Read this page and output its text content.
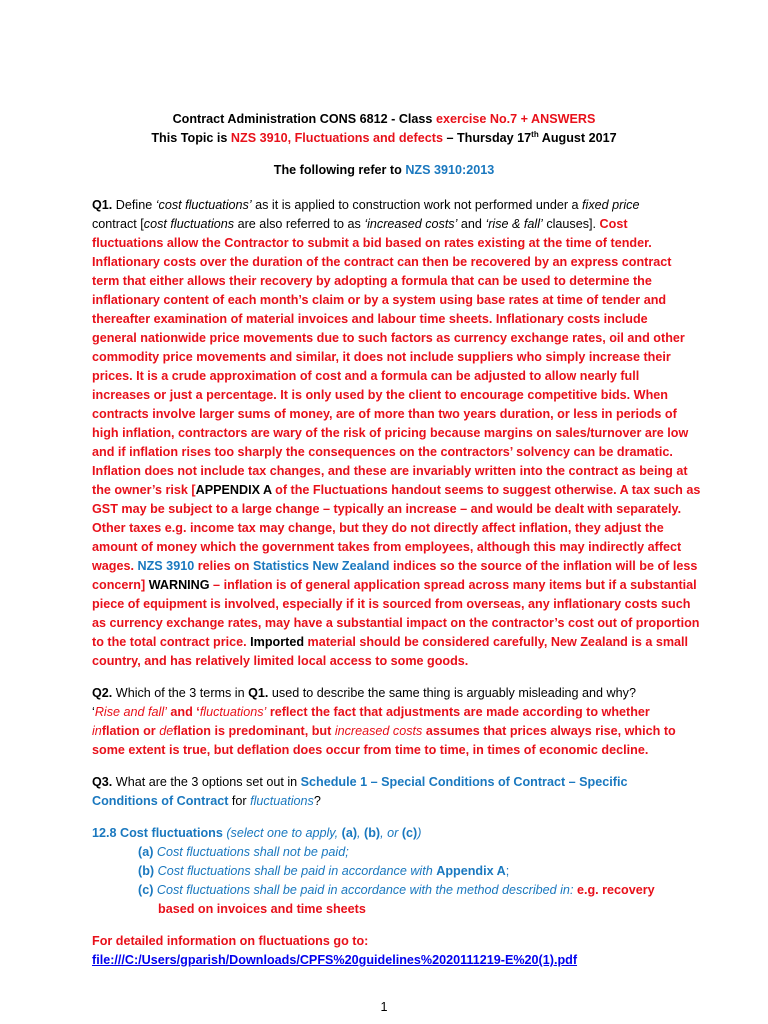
Contract Administration CONS 6812 - Class exercise No.7 + ANSWERS
This Topic is NZS 3910, Fluctuations and defects – Thursday 17th August 2017
The following refer to NZS 3910:2013
Q1. Define ‘cost fluctuations’ as it is applied to construction work not performed under a fixed price
contract [cost fluctuations are also referred to as ‘increased costs’ and ‘rise & fall’ clauses]. Cost
fluctuations allow the Contractor to submit a bid based on rates existing at the time of tender.
Inflationary costs over the duration of the contract can then be recovered by an express contract
term that either allows their recovery by adopting a formula that can be used to determine the
inflationary content of each month’s claim or by a system using base rates at time of tender and
thereafter examination of material invoices and labour time sheets. Inflationary costs include
general nationwide price movements due to such factors as currency exchange rates, oil and other
commodity price movements and similar, it does not include suppliers who simply increase their
prices. It is a crude approximation of cost and a formula can be adjusted to allow nearly full
increases or just a percentage. It is only used by the client to encourage competitive bids. When
contracts involve larger sums of money, are of more than two years duration, or less in periods of
high inflation, contractors are wary of the risk of pricing because margins on sales/turnover are low
and if inflation rises too sharply the consequences on the contractors’ solvency can be dramatic.
Inflation does not include tax changes, and these are invariably written into the contract as being at
the owner’s risk [APPENDIX A of the Fluctuations handout seems to suggest otherwise. A tax such as
GST may be subject to a large change – typically an increase – and would be dealt with separately.
Other taxes e.g. income tax may change, but they do not directly affect inflation, they adjust the
amount of money which the government takes from employees, although this may indirectly affect
wages. NZS 3910 relies on Statistics New Zealand indices so the source of the inflation will be of less
concern] WARNING – inflation is of general application spread across many items but if a substantial
piece of equipment is involved, especially if it is sourced from overseas, any inflationary costs such
as currency exchange rates, may have a substantial impact on the contractor’s cost out of proportion
to the total contract price. Imported material should be considered carefully, New Zealand is a small
country, and has relatively limited local access to some goods.
Q2. Which of the 3 terms in Q1. used to describe the same thing is arguably misleading and why?
‘Rise and fall’ and ‘fluctuations’ reflect the fact that adjustments are made according to whether
inflation or deflation is predominant, but increased costs assumes that prices always rise, which to
some extent is true, but deflation does occur from time to time, in times of economic decline.
Q3. What are the 3 options set out in Schedule 1 – Special Conditions of Contract – Specific
Conditions of Contract for fluctuations?
12.8 Cost fluctuations (select one to apply, (a), (b), or (c))
(a) Cost fluctuations shall not be paid;
(b) Cost fluctuations shall be paid in accordance with Appendix A;
(c) Cost fluctuations shall be paid in accordance with the method described in: e.g. recovery
based on invoices and time sheets
For detailed information on fluctuations go to:
file:///C:/Users/gparish/Downloads/CPFS%20guidelines%2020111219-E%20(1).pdf
1
